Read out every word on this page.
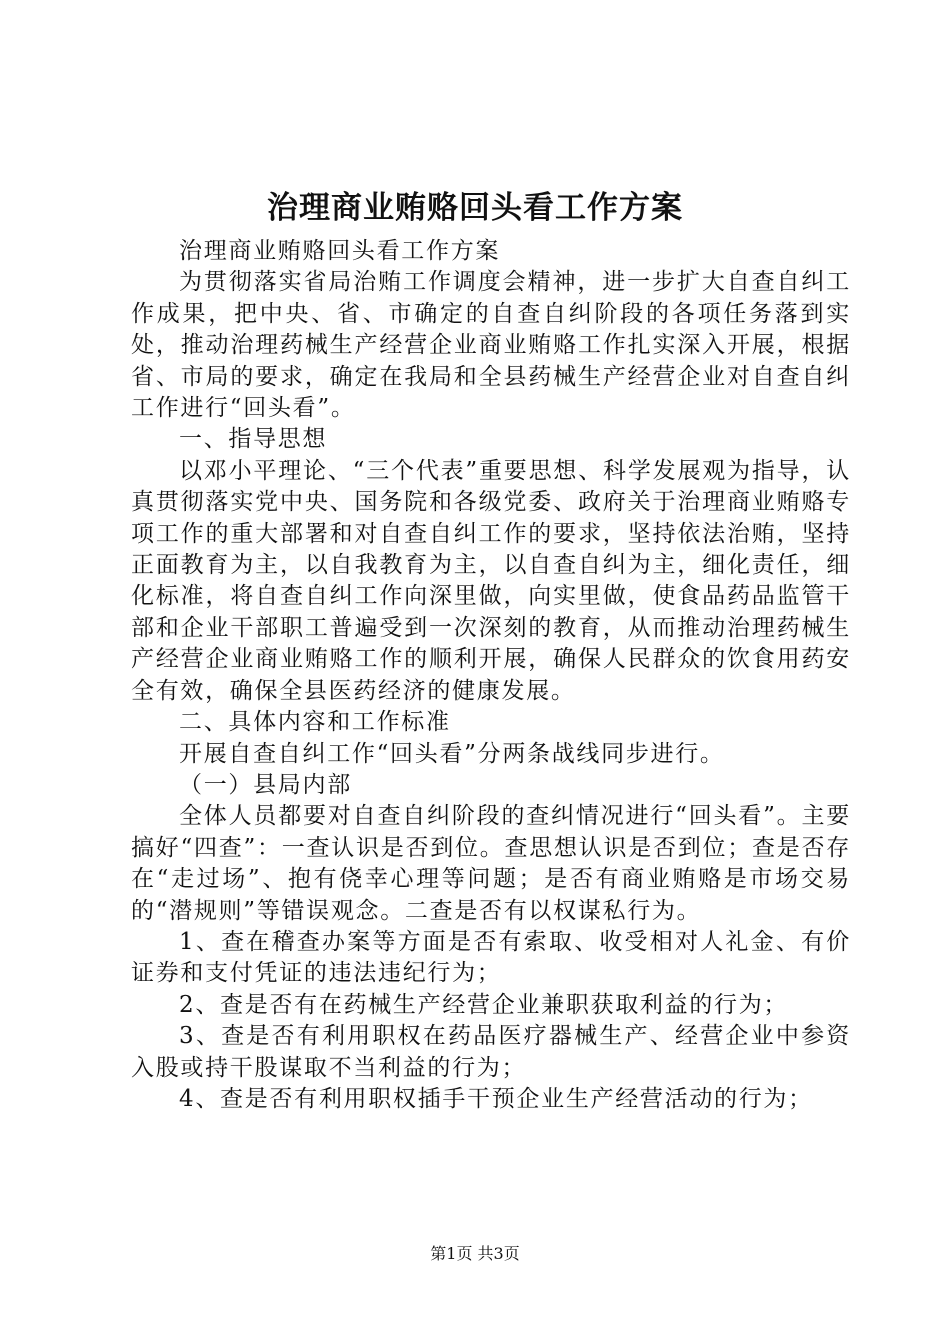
治理商业贿赂回头看工作方案

治理商业贿赂回头看工作方案

为贯彻落实省局治贿工作调度会精神，进一步扩大自查自纠工作成果，把中央、省、市确定的自查自纠阶段的各项任务落到实处，推动治理药械生产经营企业商业贿赂工作扎实深入开展，根据省、市局的要求，确定在我局和全县药械生产经营企业对自查自纠工作进行“回头看”。

一、指导思想

以邓小平理论、“三个代表”重要思想、科学发展观为指导，认真贯彻落实党中央、国务院和各级党委、政府关于治理商业贿赂专项工作的重大部署和对自查自纠工作的要求，坚持依法治贿，坚持正面教育为主，以自我教育为主，以自查自纠为主，细化责任，细化标准，将自查自纠工作向深里做，向实里做，使食品药品监管干部和企业干部职工普遍受到一次深刻的教育，从而推动治理药械生产经营企业商业贿赂工作的顺利开展，确保人民群众的饮食用药安全有效，确保全县医药经济的健康发展。

二、具体内容和工作标准

开展自查自纠工作“回头看”分两条战线同步进行。

（一）县局内部

全体人员都要对自查自纠阶段的查纠情况进行“回头看”。主要搞好“四查”：一查认识是否到位。查思想认识是否到位；查是否存在“走过场”、抱有侥幸心理等问题；是否有商业贿赂是市场交易的“潜规则”等错误观念。二查是否有以权谋私行为。

1、查在稽查办案等方面是否有索取、收受相对人礼金、有价证券和支付凭证的违法违纪行为；

2、查是否有在药械生产经营企业兼职获取利益的行为；

3、查是否有利用职权在药品医疗器械生产、经营企业中参资入股或持干股谋取不当利益的行为；

4、查是否有利用职权插手干预企业生产经营活动的行为；

第1页 共3页
